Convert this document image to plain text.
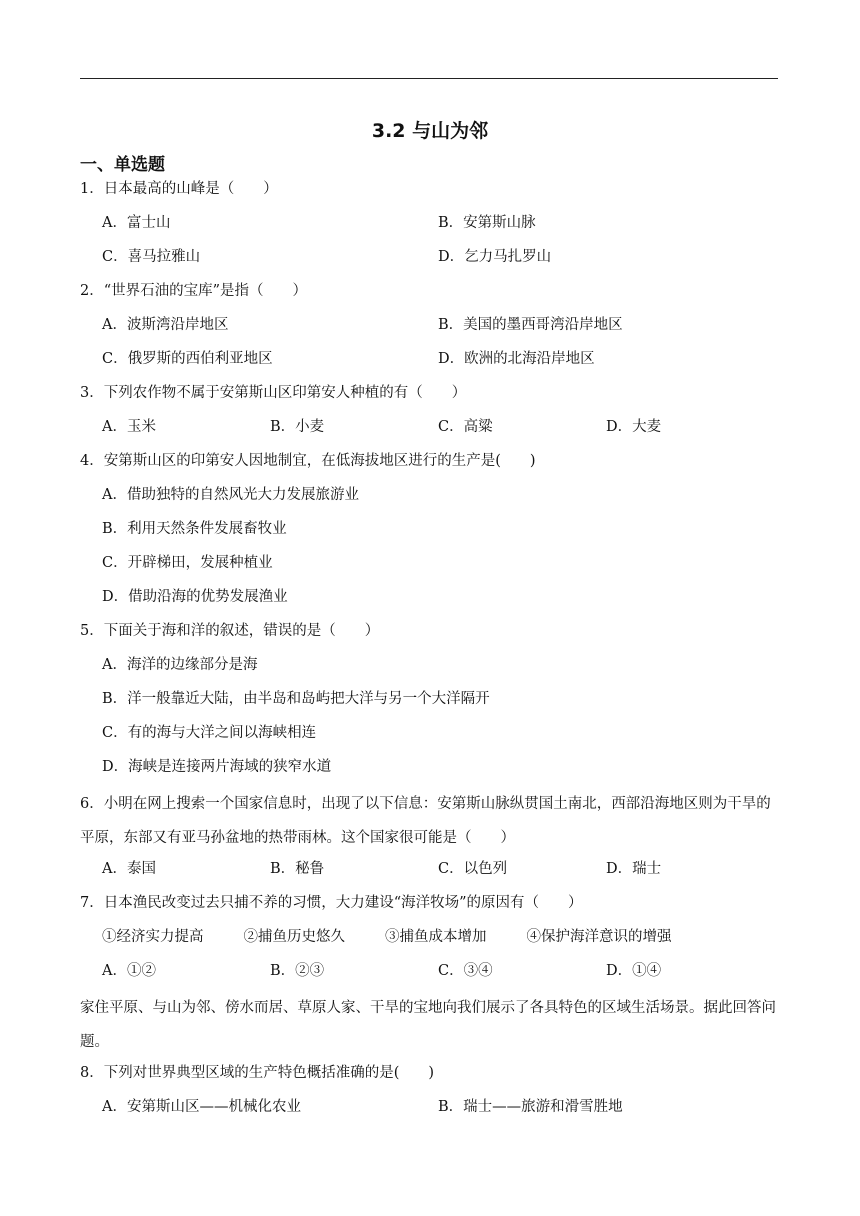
3.2 与山为邻
一、单选题
1．日本最高的山峰是（　　）
A．富士山	B．安第斯山脉
C．喜马拉雅山	D．乞力马扎罗山
2．“世界石油的宝库”是指（　　）
A．波斯湾沿岸地区	B．美国的墨西哥湾沿岸地区
C．俄罗斯的西伯利亚地区	D．欧洲的北海沿岸地区
3．下列农作物不属于安第斯山区印第安人种植的有（　　）
A．玉米	B．小麦	C．高粱	D．大麦
4．安第斯山区的印第安人因地制宜，在低海拔地区进行的生产是(　　)
A．借助独特的自然风光大力发展旅游业
B．利用天然条件发展畜牧业
C．开辟梯田，发展种植业
D．借助沿海的优势发展渔业
5．下面关于海和洋的叙述，错误的是（　　）
A．海洋的边缘部分是海
B．洋一般靠近大陆，由半岛和岛屿把大洋与另一个大洋隔开
C．有的海与大洋之间以海峡相连
D．海峡是连接两片海域的狭窄水道
6．小明在网上搜索一个国家信息时，出现了以下信息：安第斯山脉纵贯国土南北，西部沿海地区则为干旱的平原，东部又有亚马孙盆地的热带雨林。这个国家很可能是（　　）
A．泰国	B．秘鲁	C．以色列	D．瑞士
7．日本渔民改变过去只捕不养的习惯，大力建设“海洋牧场”的原因有（　　）
①经济实力提高	②捕鱼历史悠久	③捕鱼成本增加	④保护海洋意识的增强
A．①②	B．②③	C．③④	D．①④
家住平原、与山为邻、傍水而居、草原人家、干旱的宝地向我们展示了各具特色的区域生活场景。据此回答问题。
8．下列对世界典型区域的生产特色概括准确的是(　　)
A．安第斯山区——机械化农业	B．瑞士——旅游和滑雪胜地
